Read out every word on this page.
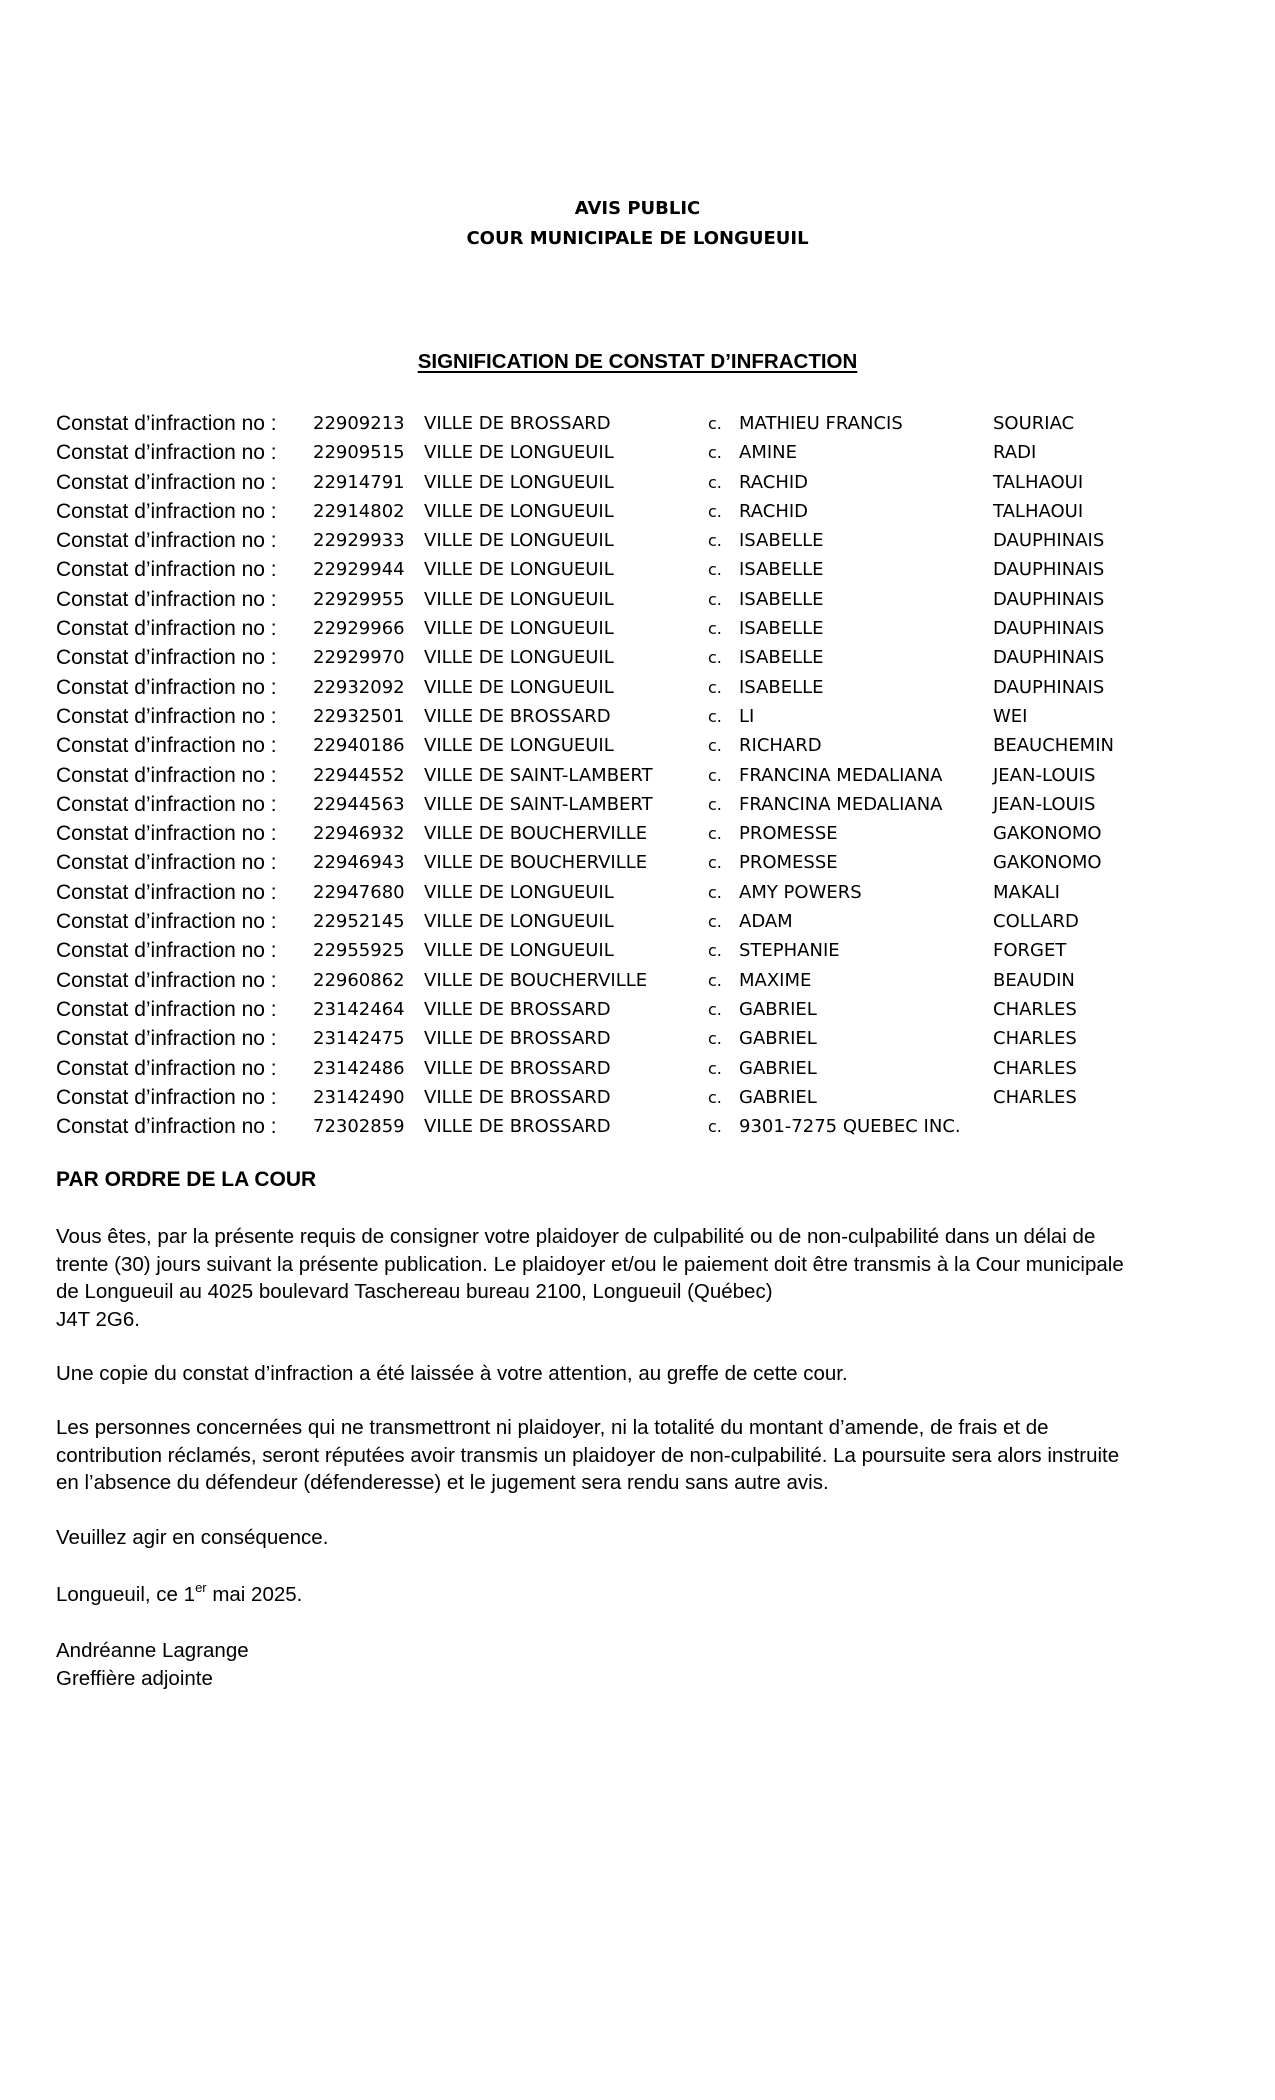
AVIS PUBLIC
COUR MUNICIPALE DE LONGUEUIL
SIGNIFICATION DE CONSTAT D’INFRACTION
Constat d’infraction no : 22909213 VILLE DE BROSSARD	c. MATHIEU FRANCIS	SOURIAC
Constat d’infraction no : 22909515 VILLE DE LONGUEUIL	c. AMINE	RADI
Constat d’infraction no : 22914791 VILLE DE LONGUEUIL	c. RACHID	TALHAOUI
Constat d’infraction no : 22914802 VILLE DE LONGUEUIL	c. RACHID	TALHAOUI
Constat d’infraction no : 22929933 VILLE DE LONGUEUIL	c. ISABELLE	DAUPHINAIS
Constat d’infraction no : 22929944 VILLE DE LONGUEUIL	c. ISABELLE	DAUPHINAIS
Constat d’infraction no : 22929955 VILLE DE LONGUEUIL	c. ISABELLE	DAUPHINAIS
Constat d’infraction no : 22929966 VILLE DE LONGUEUIL	c. ISABELLE	DAUPHINAIS
Constat d’infraction no : 22929970 VILLE DE LONGUEUIL	c. ISABELLE	DAUPHINAIS
Constat d’infraction no : 22932092 VILLE DE LONGUEUIL	c. ISABELLE	DAUPHINAIS
Constat d’infraction no : 22932501 VILLE DE BROSSARD	c. LI	WEI
Constat d’infraction no : 22940186 VILLE DE LONGUEUIL	c. RICHARD	BEAUCHEMIN
Constat d’infraction no : 22944552 VILLE DE SAINT-LAMBERT	c. FRANCINA MEDALIANA	JEAN-LOUIS
Constat d’infraction no : 22944563 VILLE DE SAINT-LAMBERT	c. FRANCINA MEDALIANA	JEAN-LOUIS
Constat d’infraction no : 22946932 VILLE DE BOUCHERVILLE	c. PROMESSE	GAKONOMO
Constat d’infraction no : 22946943 VILLE DE BOUCHERVILLE	c. PROMESSE	GAKONOMO
Constat d’infraction no : 22947680 VILLE DE LONGUEUIL	c. AMY POWERS	MAKALI
Constat d’infraction no : 22952145 VILLE DE LONGUEUIL	c. ADAM	COLLARD
Constat d’infraction no : 22955925 VILLE DE LONGUEUIL	c. STEPHANIE	FORGET
Constat d’infraction no : 22960862 VILLE DE BOUCHERVILLE	c. MAXIME	BEAUDIN
Constat d’infraction no : 23142464 VILLE DE BROSSARD	c. GABRIEL	CHARLES
Constat d’infraction no : 23142475 VILLE DE BROSSARD	c. GABRIEL	CHARLES
Constat d’infraction no : 23142486 VILLE DE BROSSARD	c. GABRIEL	CHARLES
Constat d’infraction no : 23142490 VILLE DE BROSSARD	c. GABRIEL	CHARLES
Constat d’infraction no : 72302859 VILLE DE BROSSARD	c. 9301-7275 QUEBEC INC.
PAR ORDRE DE LA COUR
Vous êtes, par la présente requis de consigner votre plaidoyer de culpabilité ou de non-culpabilité dans un délai de
trente (30) jours suivant la présente publication. Le plaidoyer et/ou le paiement doit être transmis à la Cour municipale
de Longueuil au 4025 boulevard Taschereau bureau 2100, Longueuil (Québec)
J4T 2G6.
Une copie du constat d’infraction a été laissée à votre attention, au greffe de cette cour.
Les personnes concernées qui ne transmettront ni plaidoyer, ni la totalité du montant d’amende, de frais et de
contribution réclamés, seront réputées avoir transmis un plaidoyer de non-culpabilité. La poursuite sera alors instruite
en l’absence du défendeur (défenderesse) et le jugement sera rendu sans autre avis.
Veuillez agir en conséquence.
Longueuil, ce 1er mai 2025.
Andréanne Lagrange
Greffière adjointe
